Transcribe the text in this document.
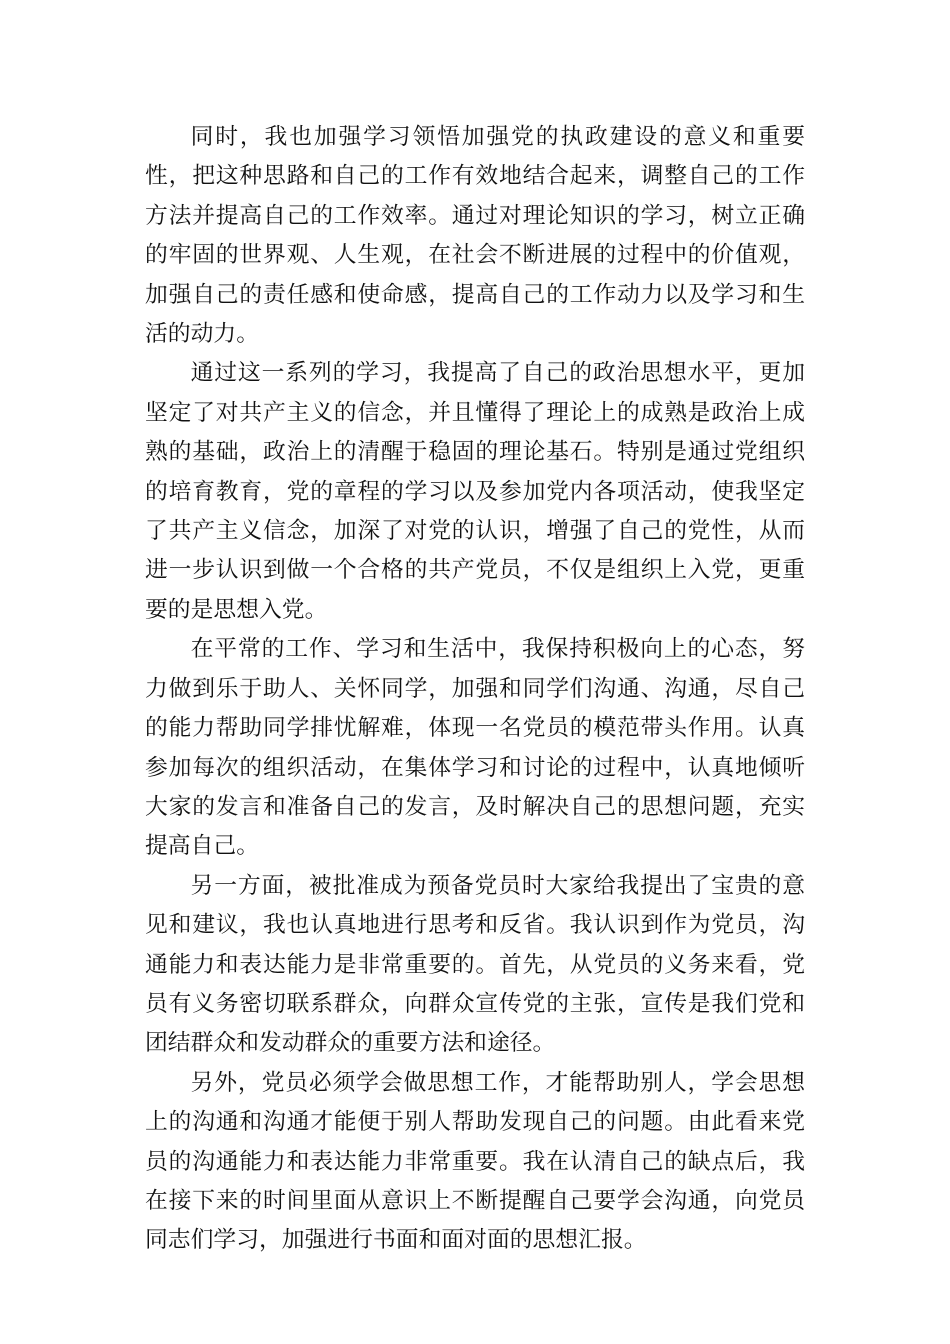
同时，我也加强学习领悟加强党的执政建设的意义和重要性，把这种思路和自己的工作有效地结合起来，调整自己的工作方法并提高自己的工作效率。通过对理论知识的学习，树立正确的牢固的世界观、人生观，在社会不断进展的过程中的价值观，加强自己的责任感和使命感，提高自己的工作动力以及学习和生活的动力。

通过这一系列的学习，我提高了自己的政治思想水平，更加坚定了对共产主义的信念，并且懂得了理论上的成熟是政治上成熟的基础，政治上的清醒于稳固的理论基石。特别是通过党组织的培育教育，党的章程的学习以及参加党内各项活动，使我坚定了共产主义信念，加深了对党的认识，增强了自己的党性，从而进一步认识到做一个合格的共产党员，不仅是组织上入党，更重要的是思想入党。

在平常的工作、学习和生活中，我保持积极向上的心态，努力做到乐于助人、关怀同学，加强和同学们沟通、沟通，尽自己的能力帮助同学排忧解难，体现一名党员的模范带头作用。认真参加每次的组织活动，在集体学习和讨论的过程中，认真地倾听大家的发言和准备自己的发言，及时解决自己的思想问题，充实提高自己。

另一方面，被批准成为预备党员时大家给我提出了宝贵的意见和建议，我也认真地进行思考和反省。我认识到作为党员，沟通能力和表达能力是非常重要的。首先，从党员的义务来看，党员有义务密切联系群众，向群众宣传党的主张，宣传是我们党和团结群众和发动群众的重要方法和途径。

另外，党员必须学会做思想工作，才能帮助别人，学会思想上的沟通和沟通才能便于别人帮助发现自己的问题。由此看来党员的沟通能力和表达能力非常重要。我在认清自己的缺点后，我在接下来的时间里面从意识上不断提醒自己要学会沟通，向党员同志们学习，加强进行书面和面对面的思想汇报。
